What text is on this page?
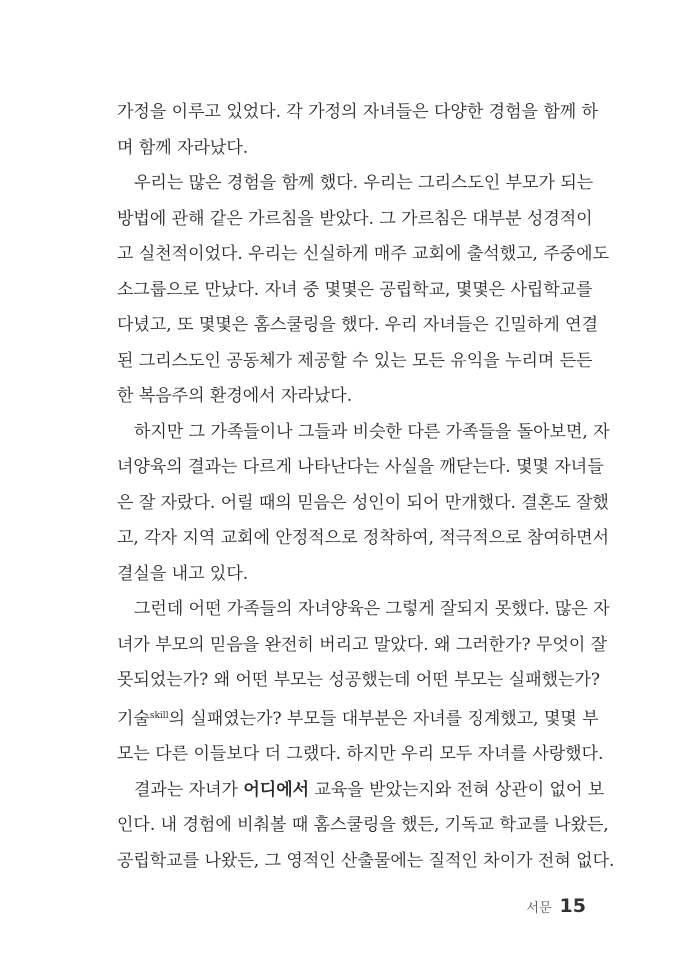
가정을 이루고 있었다. 각 가정의 자녀들은 다양한 경험을 함께 하
며 함께 자라났다.
우리는 많은 경험을 함께 했다. 우리는 그리스도인 부모가 되는
방법에 관해 같은 가르침을 받았다. 그 가르침은 대부분 성경적이
고 실천적이었다. 우리는 신실하게 매주 교회에 출석했고, 주중에도
소그룹으로 만났다. 자녀 중 몇몇은 공립학교, 몇몇은 사립학교를
다녔고, 또 몇몇은 홈스쿨링을 했다. 우리 자녀들은 긴밀하게 연결
된 그리스도인 공동체가 제공할 수 있는 모든 유익을 누리며 든든
한 복음주의 환경에서 자라났다.
하지만 그 가족들이나 그들과 비슷한 다른 가족들을 돌아보면, 자
녀양육의 결과는 다르게 나타난다는 사실을 깨닫는다. 몇몇 자녀들
은 잘 자랐다. 어릴 때의 믿음은 성인이 되어 만개했다. 결혼도 잘했
고, 각자 지역 교회에 안정적으로 정착하여, 적극적으로 참여하면서
결실을 내고 있다.
그런데 어떤 가족들의 자녀양육은 그렇게 잘되지 못했다. 많은 자
녀가 부모의 믿음을 완전히 버리고 말았다. 왜 그러한가? 무엇이 잘
못되었는가? 왜 어떤 부모는 성공했는데 어떤 부모는 실패했는가?
기술$^{skill}$의 실패였는가? 부모들 대부분은 자녀를 징계했고, 몇몇 부
모는 다른 이들보다 더 그랬다. 하지만 우리 모두 자녀를 사랑했다.
결과는 자녀가 어디에서 교육을 받았는지와 전혀 상관이 없어 보
인다. 내 경험에 비춰볼 때 홈스쿨링을 했든, 기독교 학교를 나왔든,
공립학교를 나왔든, 그 영적인 산출물에는 질적인 차이가 전혀 없다.
서문 15
